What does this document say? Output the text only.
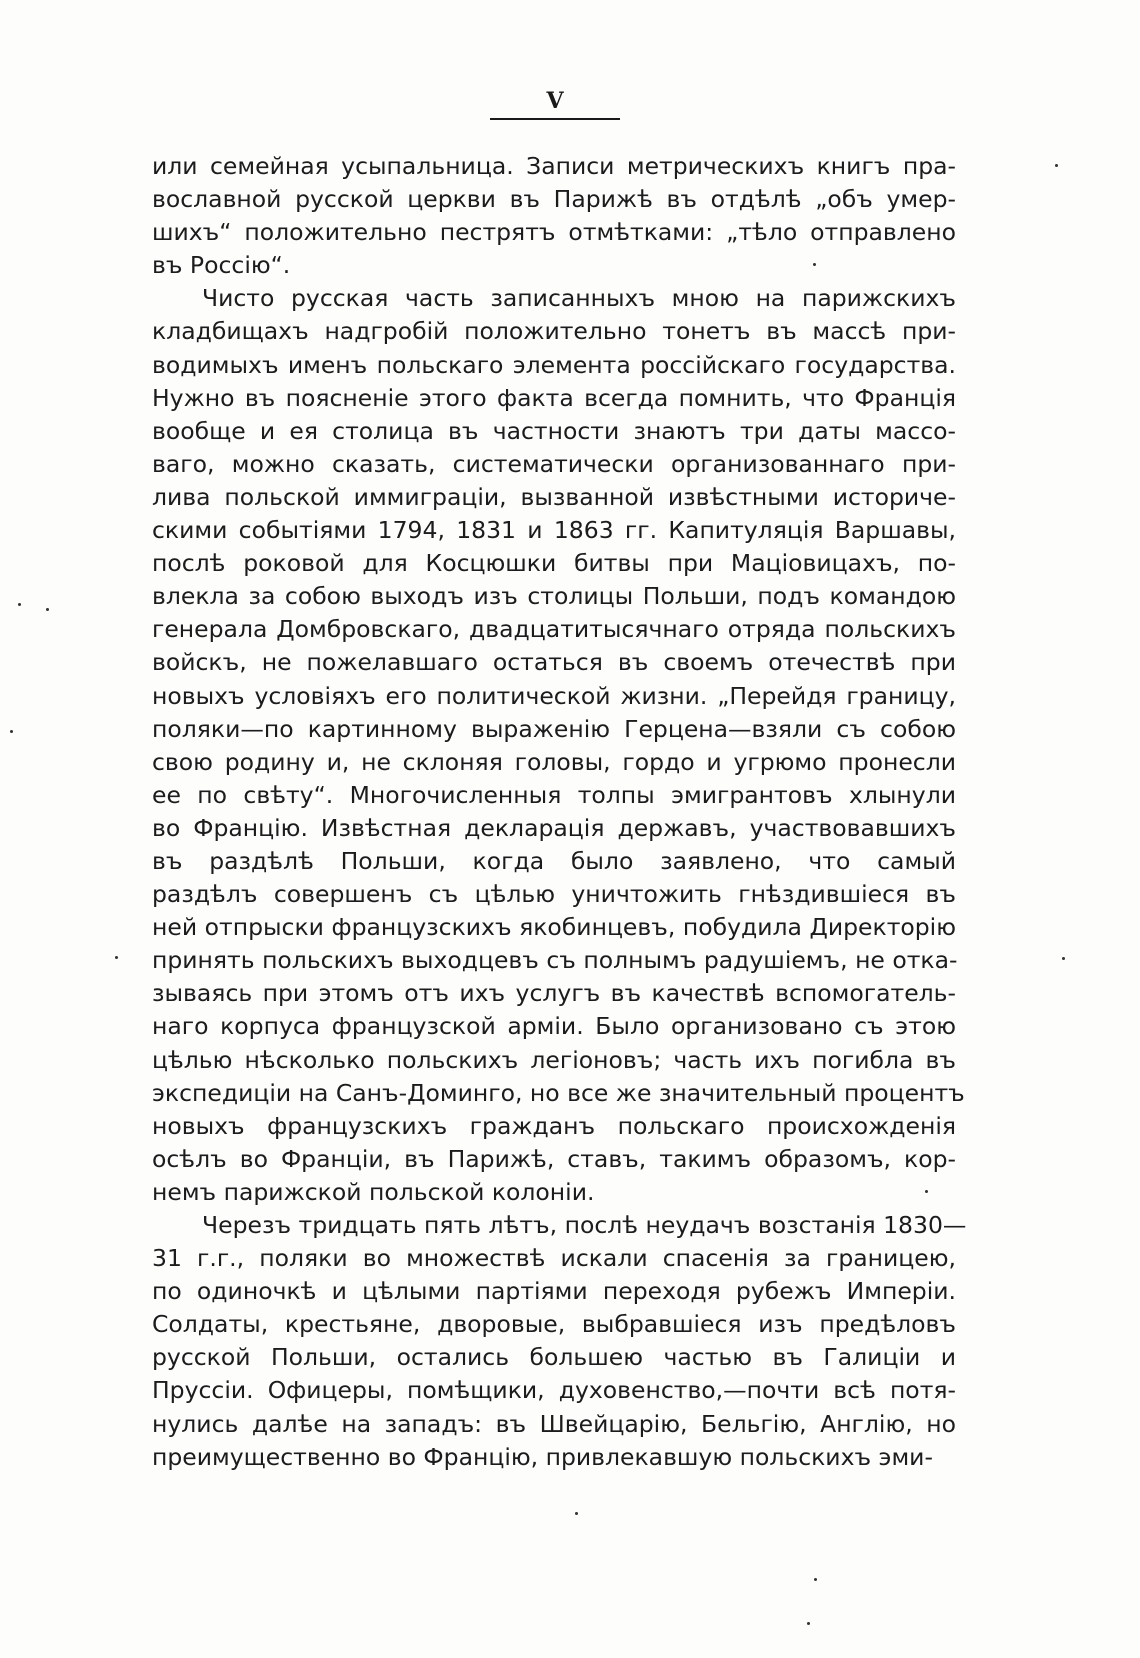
V
или семейная усыпальница. Записи метрическихъ книгъ пра-
вославной русской церкви въ Парижѣ въ отдѣлѣ „объ умер-
шихъ“ положительно пестрятъ отмѣтками: „тѣло отправлено
въ Россію“.
Чисто русская часть записанныхъ мною на парижскихъ
кладбищахъ надгробій положительно тонетъ въ массѣ при-
водимыхъ именъ польскаго элемента россійскаго государства.
Нужно въ поясненіе этого факта всегда помнить, что Франція
вообще и ея столица въ частности знаютъ три даты массо-
ваго, можно сказать, систематически организованнаго при-
лива польской иммиграціи, вызванной извѣстными историче-
скими событіями 1794, 1831 и 1863 гг. Капитуляція Варшавы,
послѣ роковой для Косцюшки битвы при Маціовицахъ, по-
влекла за собою выходъ изъ столицы Польши, подъ командою
генерала Домбровскаго, двадцатитысячнаго отряда польскихъ
войскъ, не пожелавшаго остаться въ своемъ отечествѣ при
новыхъ условіяхъ его политической жизни. „Перейдя границу,
поляки—по картинному выраженію Герцена—взяли съ собою
свою родину и, не склоняя головы, гордо и угрюмо пронесли
ее по свѣту“. Многочисленныя толпы эмигрантовъ хлынули
во Францію. Извѣстная декларація державъ, участвовавшихъ
въ раздѣлѣ Польши, когда было заявлено, что самый
раздѣлъ совершенъ съ цѣлью уничтожить гнѣздившіеся въ
ней отпрыски французскихъ якобинцевъ, побудила Директорію
принять польскихъ выходцевъ съ полнымъ радушіемъ, не отка-
зываясь при этомъ отъ ихъ услугъ въ качествѣ вспомогатель-
наго корпуса французской арміи. Было организовано съ этою
цѣлью нѣсколько польскихъ легіоновъ; часть ихъ погибла въ
экспедиціи на Санъ-Доминго, но все же значительный процентъ
новыхъ французскихъ гражданъ польскаго происхожденія
осѣлъ во Франціи, въ Парижѣ, ставъ, такимъ образомъ, кор-
немъ парижской польской колоніи.
Черезъ тридцать пять лѣтъ, послѣ неудачъ возстанія 1830—
31 г.г., поляки во множествѣ искали спасенія за границею,
по одиночкѣ и цѣлыми партіями переходя рубежъ Имперіи.
Солдаты, крестьяне, дворовые, выбравшіеся изъ предѣловъ
русской Польши, остались большею частью въ Галиціи и
Пруссіи. Офицеры, помѣщики, духовенство,—почти всѣ потя-
нулись далѣе на западъ: въ Швейцарію, Бельгію, Англію, но
преимущественно во Францію, привлекавшую польскихъ эми-
